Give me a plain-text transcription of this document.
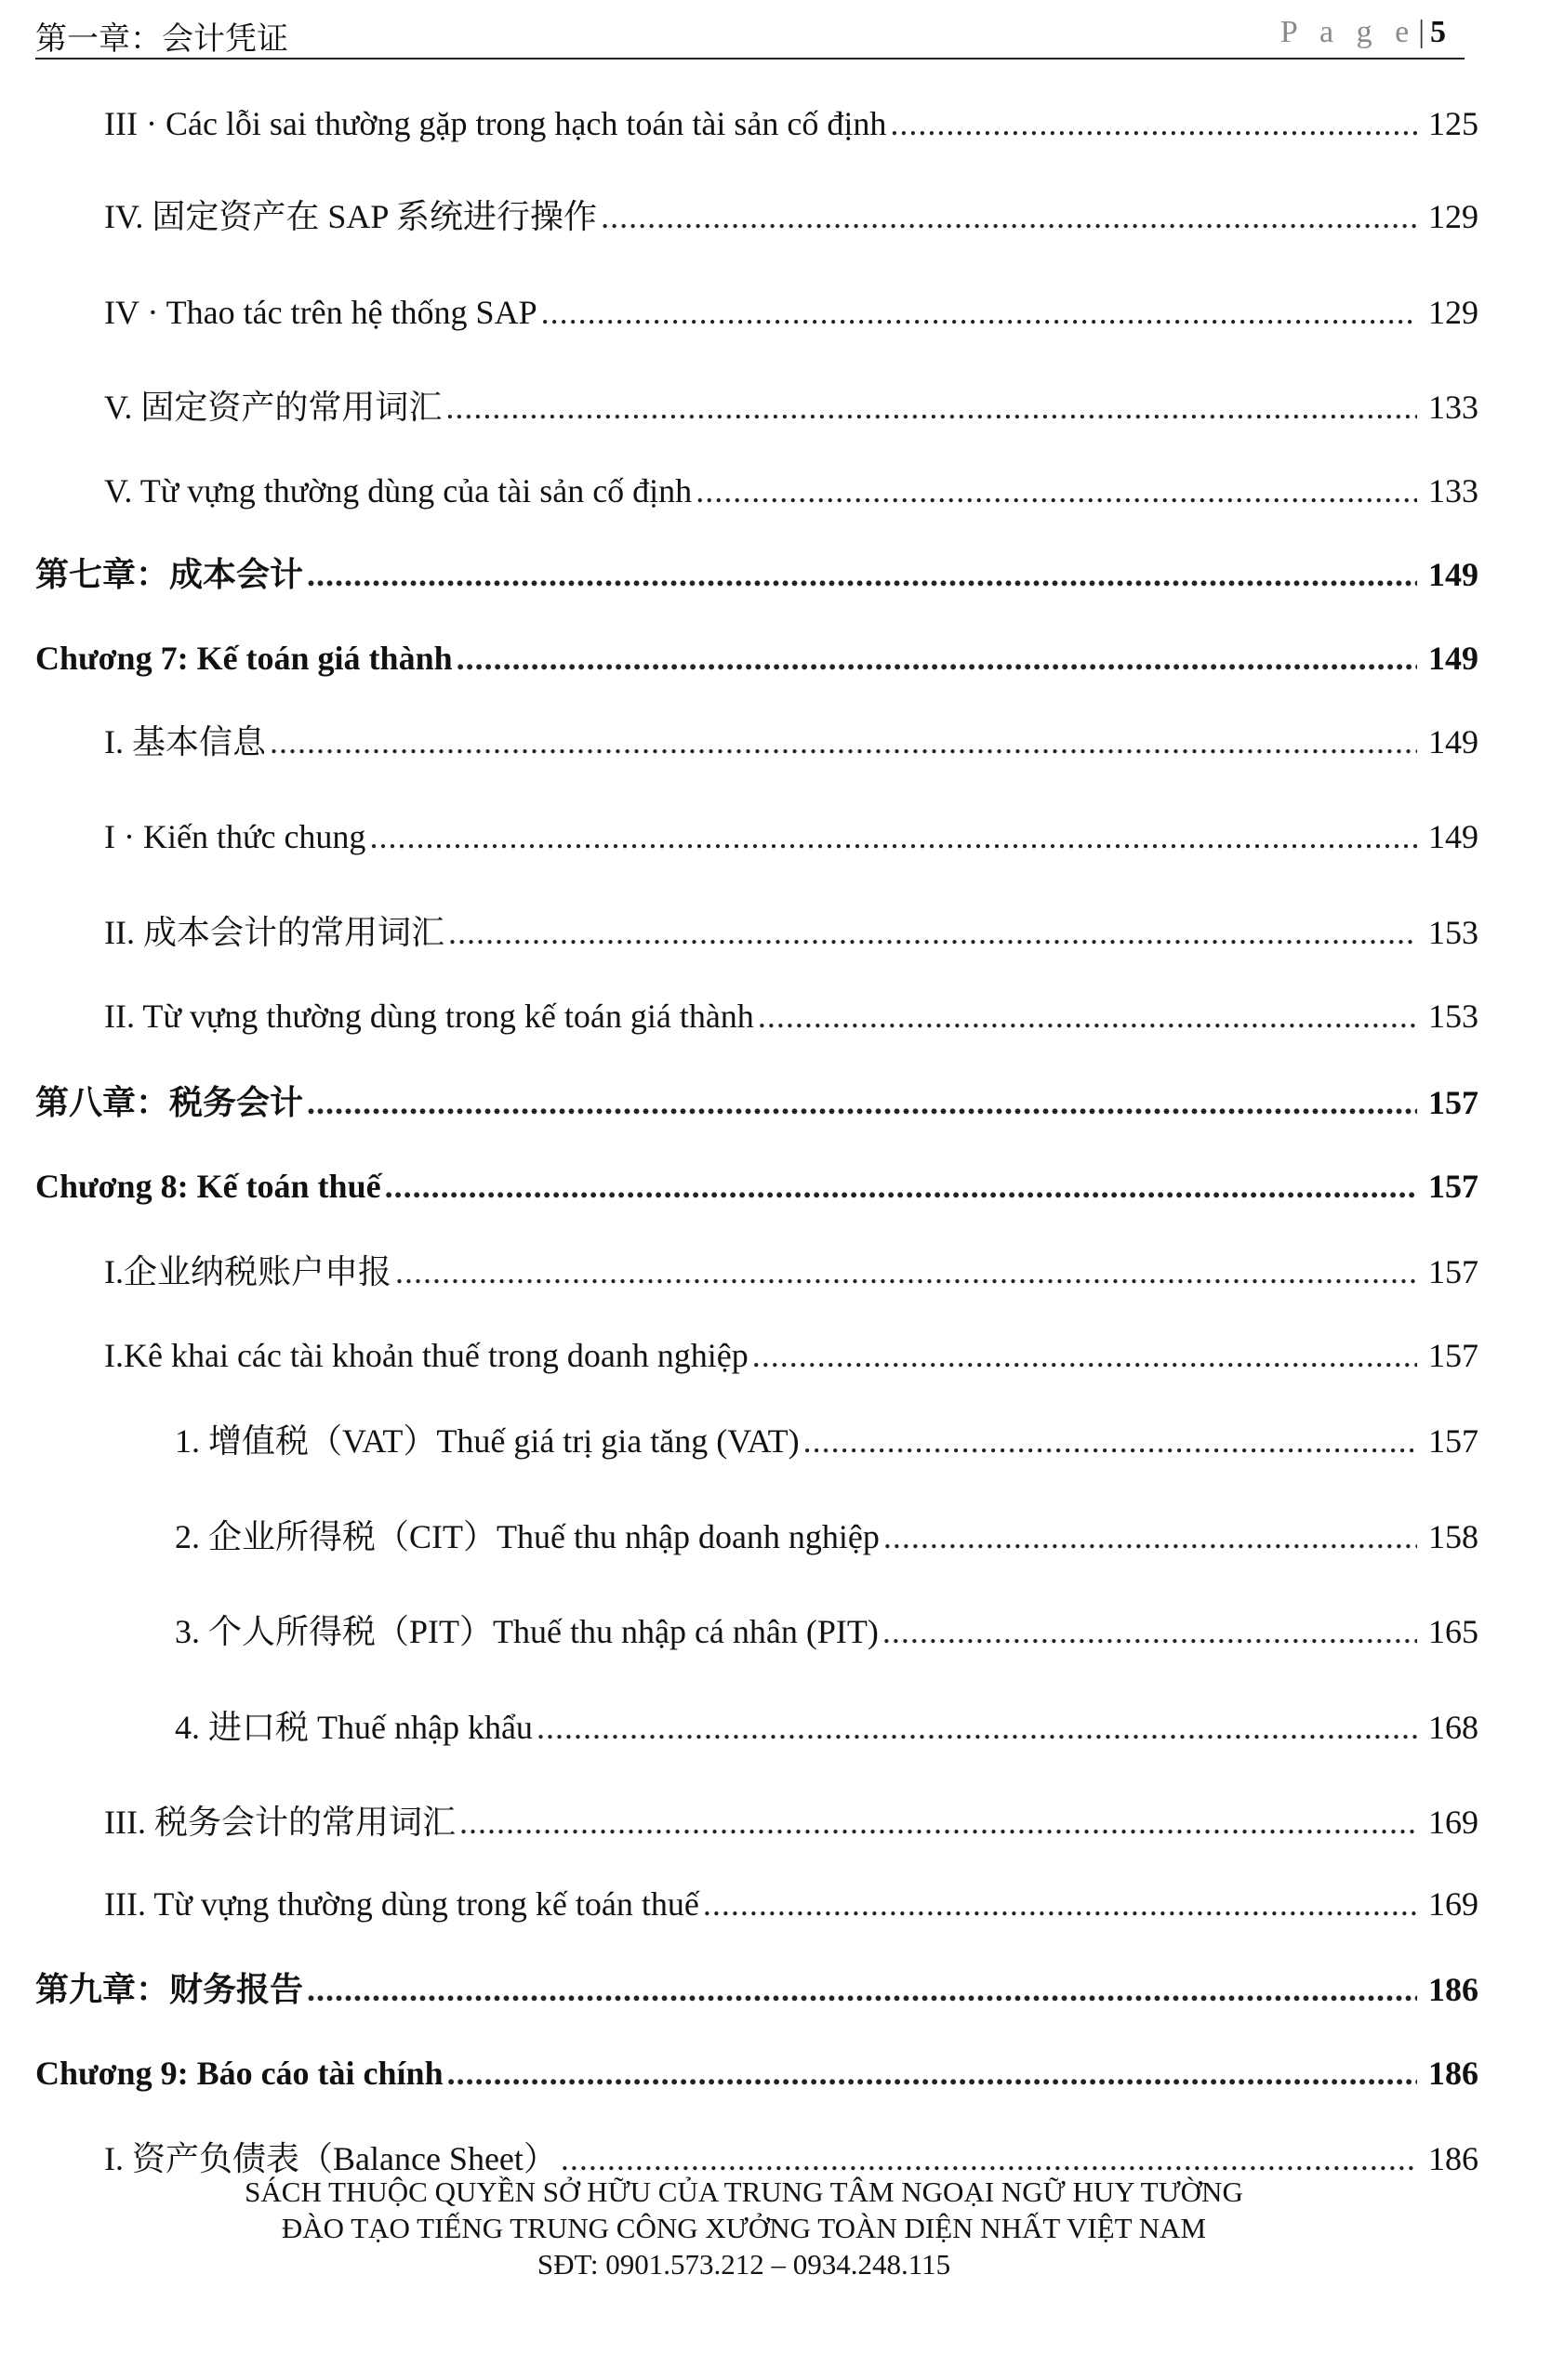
第一章：会计凭证	P a g e| 5
III · Các lỗi sai thường gặp trong hạch toán tài sản cố định .....	125
IV. 固定资产在 SAP 系统进行操作 .....	129
IV · Thao tác trên hệ thống SAP .....	129
V. 固定资产的常用词汇 .....	133
V. Từ vựng thường dùng của tài sản cố định .....	133
第七章：成本会计 .....	149
Chương 7: Kế toán giá thành .....	149
I. 基本信息 .....	149
I · Kiến thức chung .....	149
II. 成本会计的常用词汇 .....	153
II. Từ vựng thường dùng trong kế toán giá thành .....	153
第八章：税务会计 .....	157
Chương 8: Kế toán thuế .....	157
I.企业纳税账户申报 .....	157
I.Kê khai các tài khoản thuế trong doanh nghiệp .....	157
1. 增值税（VAT）Thuế giá trị gia tăng (VAT) .....	157
2. 企业所得税（CIT）Thuế thu nhập doanh nghiệp .....	158
3. 个人所得税（PIT）Thuế thu nhập cá nhân (PIT) .....	165
4. 进口税 Thuế nhập khẩu .....	168
III. 税务会计的常用词汇 .....	169
III. Từ vựng thường dùng trong kế toán thuế .....	169
第九章：财务报告 .....	186
Chương 9: Báo cáo tài chính .....	186
I. 资产负债表（Balance Sheet） .....	186
SÁCH THUỘC QUYỀN SỞ HỮU CỦA TRUNG TÂM NGOẠI NGỮ HUY TƯỜNG
ĐÀO TẠO TIẾNG TRUNG CÔNG XƯỞNG TOÀN DIỆN NHẤT VIỆT NAM
SĐT: 0901.573.212 – 0934.248.115
